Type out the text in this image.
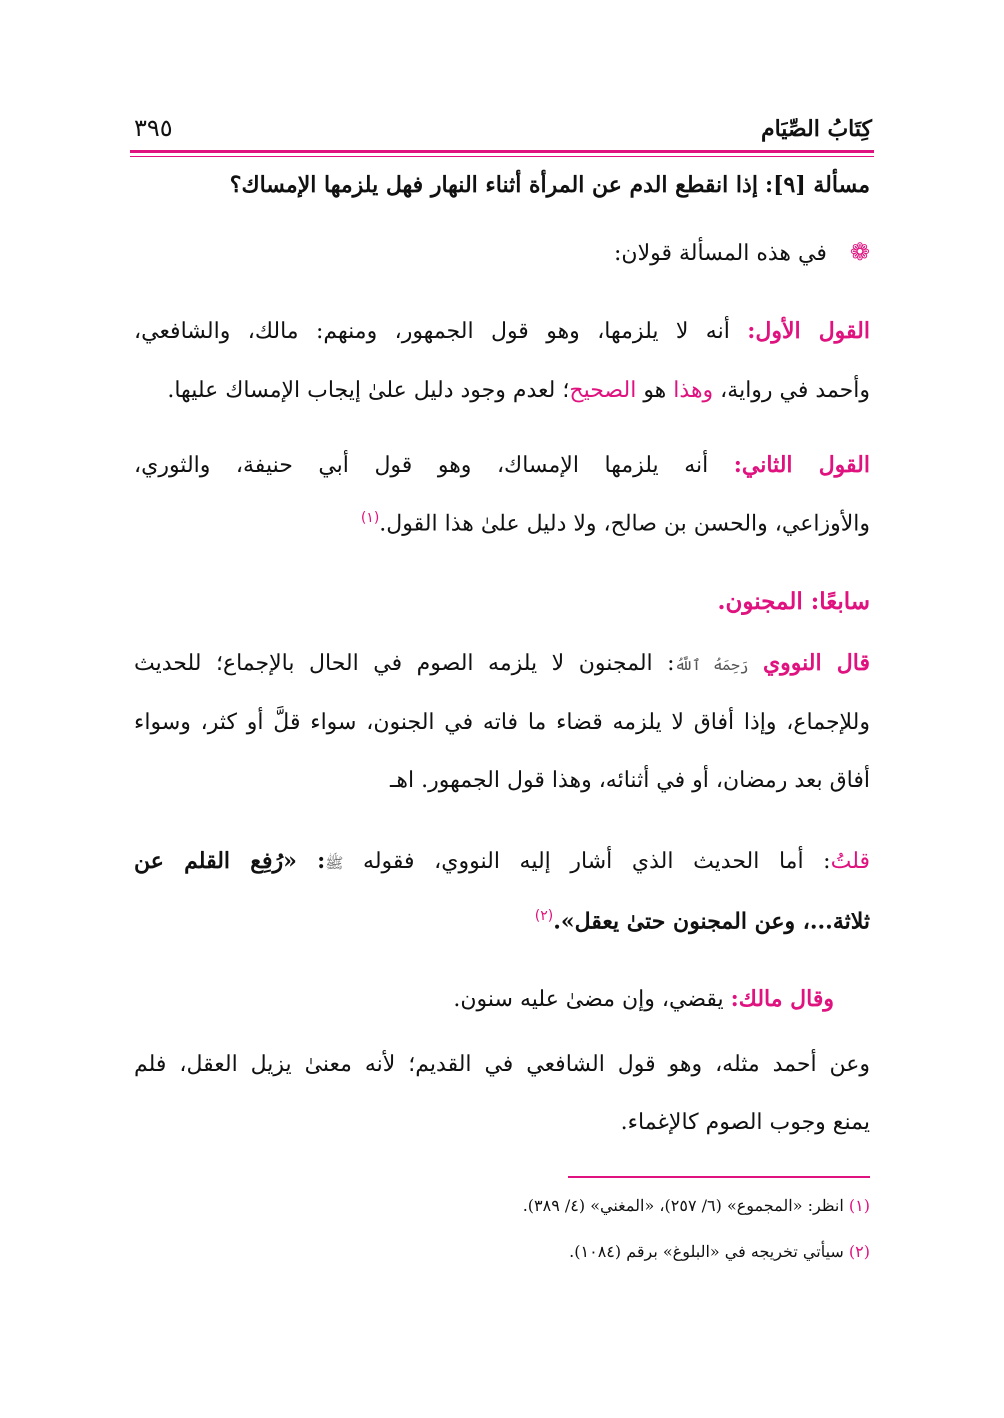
كِتَابُ الصِّيَام
٣٩٥
مسألة [٩]: إذا انقطع الدم عن المرأة أثناء النهار فهل يلزمها الإمساك؟
❁ في هذه المسألة قولان:
القول الأول: أنه لا يلزمها، وهو قول الجمهور، ومنهم: مالك، والشافعي،
وأحمد في رواية، وهذا هو الصحيح؛ لعدم وجود دليل علىٰ إيجاب الإمساك عليها.
القول الثاني: أنه يلزمها الإمساك، وهو قول أبي حنيفة، والثوري،
والأوزاعي، والحسن بن صالح، ولا دليل علىٰ هذا القول.$^{(١)}$
سابعًا: المجنون.
قال النووي رَحِمَهُ ٱللَّهُ: المجنون لا يلزمه الصوم في الحال بالإجماع؛ للحديث
وللإجماع، وإذا أفاق لا يلزمه قضاء ما فاته في الجنون، سواء قلَّ أو كثر، وسواء
أفاق بعد رمضان، أو في أثنائه، وهذا قول الجمهور. اهـ
قلتُ: أما الحديث الذي أشار إليه النووي، فقوله ﷺ: «رُفِع القلم عن
ثلاثة...، وعن المجنون حتىٰ يعقل».$^{(٢)}$
وقال مالك: يقضي، وإن مضىٰ عليه سنون.
وعن أحمد مثله، وهو قول الشافعي في القديم؛ لأنه معنىٰ يزيل العقل، فلم
يمنع وجوب الصوم كالإغماء.
(١) انظر: «المجموع» (٦/ ٢٥٧)، «المغني» (٤/ ٣٨٩).
(٢) سيأتي تخريجه في «البلوغ» برقم (١٠٨٤).
